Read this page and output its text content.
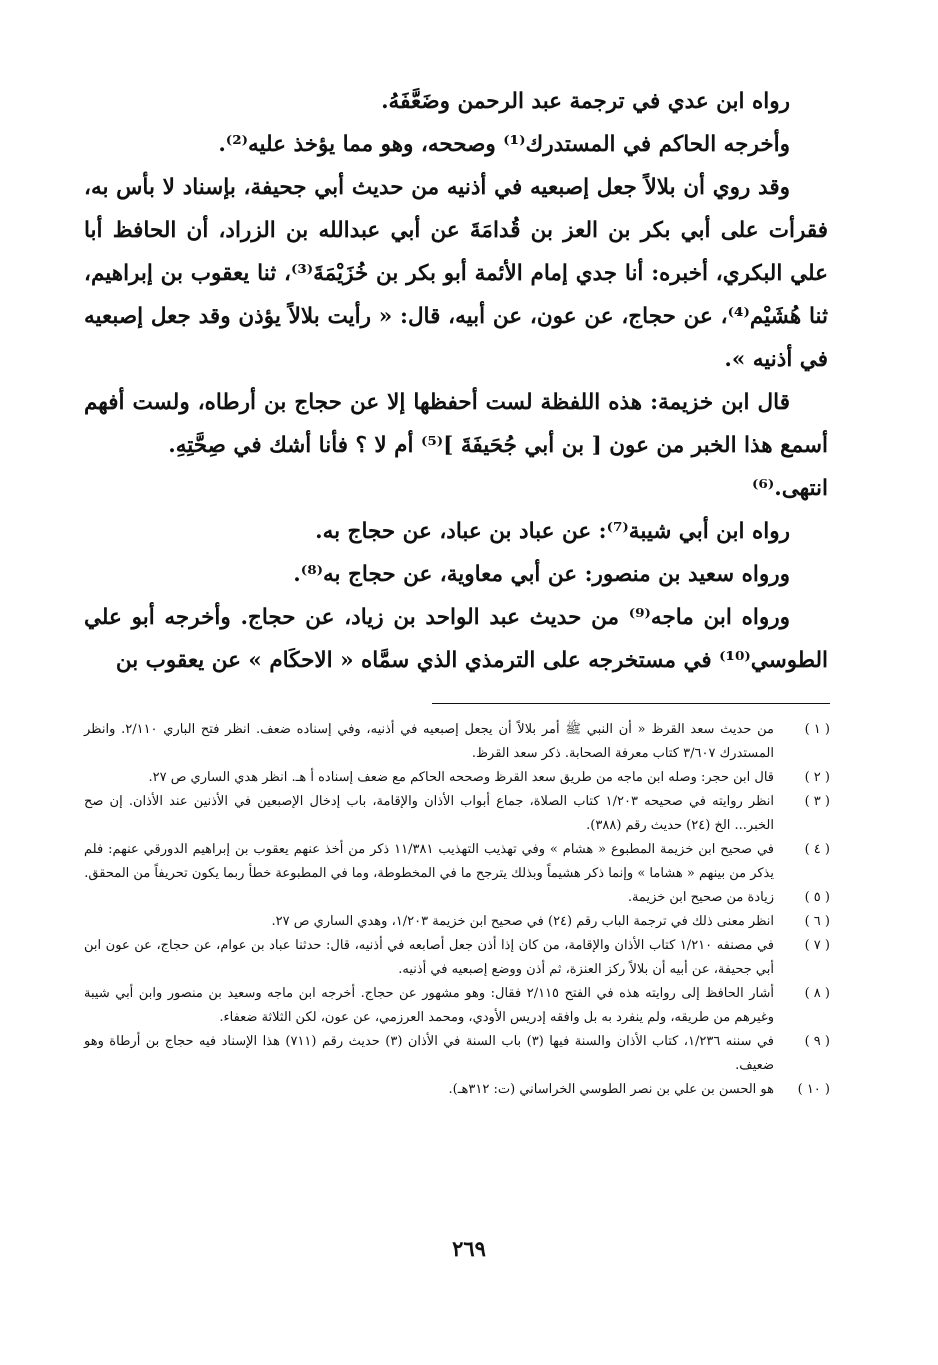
رواه ابن عدي في ترجمة عبد الرحمن وضَعَّفَهُ.

وأخرجه الحاكم في المستدرك⁽¹⁾ وصححه، وهو مما يؤخذ عليه⁽²⁾.

وقد روي أن بلالاً جعل إصبعيه في أذنيه من حديث أبي جحيفة، بإسناد لا بأس به، فقرأت على أبي بكر بن العز بن قُدامَةَ عن أبي عبدالله بن الزراد، أن الحافظ أبا علي البكري، أخبره: أنا جدي إمام الأئمة أبو بكر بن خُزَيْمَةَ⁽³⁾، ثنا يعقوب بن إبراهيم، ثنا هُشَيْم⁽⁴⁾، عن حجاج، عن عون، عن أبيه، قال: « رأيت بلالاً يؤذن وقد جعل إصبعيه في أذنيه ».

قال ابن خزيمة: هذه اللفظة لست أحفظها إلا عن حجاج بن أرطاه، ولست أفهم أسمع هذا الخبر من عون [ بن أبي جُحَيفَةَ ]⁽⁵⁾ أم لا ؟ فأنا أشك في صِحَّتِهِ.

انتهى.⁽⁶⁾

رواه ابن أبي شيبة⁽⁷⁾: عن عباد بن عباد، عن حجاج به.

ورواه سعيد بن منصور: عن أبي معاوية، عن حجاج به⁽⁸⁾.

ورواه ابن ماجه⁽⁹⁾ من حديث عبد الواحد بن زياد، عن حجاج. وأخرجه أبو علي الطوسي⁽¹⁰⁾ في مستخرجه على الترمذي الذي سمَّاه « الاحكَام » عن يعقوب بن

( ١ )
من حديث سعد القرظ « أن النبي ﷺ أمر بلالاً أن يجعل إصبعيه في أذنيه، وفي إسناده ضعف. انظر فتح الباري ٢/١١٠. وانظر المستدرك ٣/٦٠٧ كتاب معرفة الصحابة. ذكر سعد القرظ.
( ٢ )
قال ابن حجر: وصله ابن ماجه من طريق سعد القرظ وصححه الحاكم مع ضعف إسناده أ هـ. انظر هدي الساري ص ٢٧.
( ٣ )
انظر روايته في صحيحه ١/٢٠٣ كتاب الصلاة، جماع أبواب الأذان والإقامة، باب إدخال الإصبعين في الأذنين عند الأذان. إن صح الخبر... الخ (٢٤) حديث رقم (٣٨٨).
( ٤ )
في صحيح ابن خزيمة المطبوع « هشام » وفي تهذيب التهذيب ١١/٣٨١ ذكر من أخذ عنهم يعقوب بن إبراهيم الدورقي عنهم: فلم يذكر من بينهم « هشاما » وإنما ذكر هشيماً وبذلك يترجح ما في المخطوطة، وما في المطبوعة خطأ ربما يكون تحريفاً من المحقق.
( ٥ )
زيادة من صحيح ابن خزيمة.
( ٦ )
انظر معنى ذلك في ترجمة الباب رقم (٢٤) في صحيح ابن خزيمة ١/٢٠٣، وهدي الساري ص ٢٧.
( ٧ )
في مصنفه ١/٢١٠ كتاب الأذان والإقامة، من كان إذا أذن جعل أصابعه في أذنيه، قال: حدثنا عباد بن عوام، عن حجاج، عن عون ابن أبي جحيفة، عن أبيه أن بلالاً ركز العنزة، ثم أذن ووضع إصبعيه في أذنيه.
( ٨ )
أشار الحافظ إلى روايته هذه في الفتح ٢/١١٥ فقال: وهو مشهور عن حجاج. أخرجه ابن ماجه وسعيد بن منصور وابن أبي شيبة وغيرهم من طريقه، ولم ينفرد به بل وافقه إدريس الأودي، ومحمد العرزمي، عن عون، لكن الثلاثة ضعفاء.
( ٩ )
في سننه ١/٢٣٦، كتاب الأذان والسنة فيها (٣) باب السنة في الأذان (٣) حديث رقم (٧١١) هذا الإسناد فيه حجاج بن أرطاة وهو ضعيف.
( ١٠ )
هو الحسن بن علي بن نصر الطوسي الخراساني (ت: ٣١٢هـ).
٢٦٩
